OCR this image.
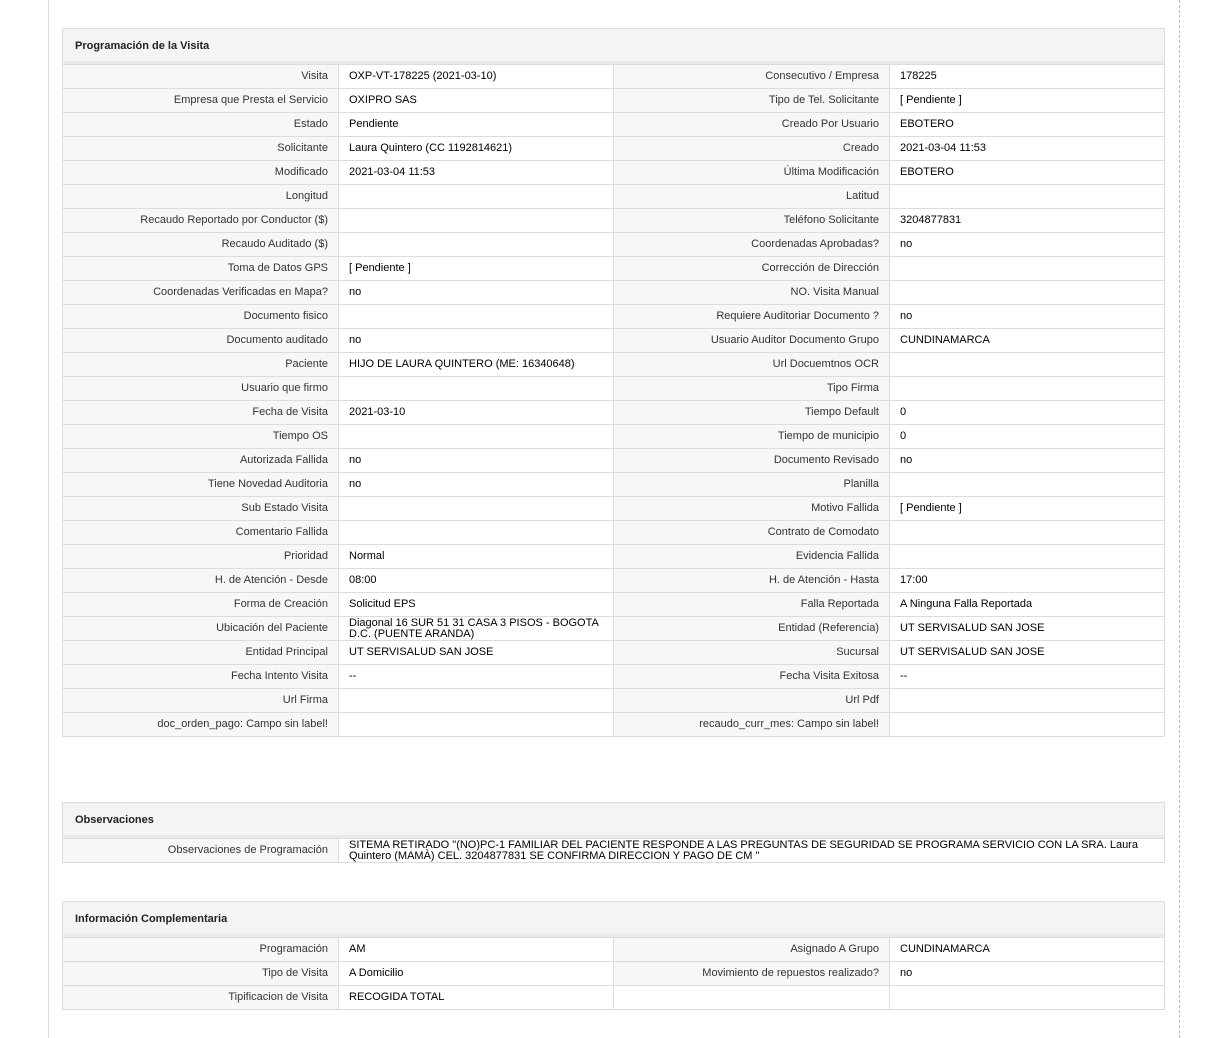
Programación de la Visita
Visita	OXP-VT-178225 (2021-03-10)	Consecutivo / Empresa	178225
Empresa que Presta el Servicio	OXIPRO SAS	Tipo de Tel. Solicitante	[ Pendiente ]
Estado	Pendiente	Creado Por Usuario	EBOTERO
Solicitante	Laura Quintero (CC 1192814621)	Creado	2021-03-04 11:53
Modificado	2021-03-04 11:53	Última Modificación	EBOTERO
Longitud		Latitud	
Recaudo Reportado por Conductor ($)		Teléfono Solicitante	3204877831
Recaudo Auditado ($)		Coordenadas Aprobadas?	no
Toma de Datos GPS	[ Pendiente ]	Corrección de Dirección	
Coordenadas Verificadas en Mapa?	no	NO. Visita Manual	
Documento fisico		Requiere Auditoriar Documento ?	no
Documento auditado	no	Usuario Auditor Documento Grupo	CUNDINAMARCA
Paciente	HIJO DE LAURA QUINTERO (ME: 16340648)	Url Docuemtnos OCR	
Usuario que firmo		Tipo Firma	
Fecha de Visita	2021-03-10	Tiempo Default	0
Tiempo OS		Tiempo de municipio	0
Autorizada Fallida	no	Documento Revisado	no
Tiene Novedad Auditoria	no	Planilla	
Sub Estado Visita		Motivo Fallida	[ Pendiente ]
Comentario Fallida		Contrato de Comodato	
Prioridad	Normal	Evidencia Fallida	
H. de Atención - Desde	08:00	H. de Atención - Hasta	17:00
Forma de Creación	Solicitud EPS	Falla Reportada	A Ninguna Falla Reportada
Ubicación del Paciente	Diagonal 16 SUR 51 31 CASA 3 PISOS - BOGOTA D.C. (PUENTE ARANDA)	Entidad (Referencia)	UT SERVISALUD SAN JOSE
Entidad Principal	UT SERVISALUD SAN JOSE	Sucursal	UT SERVISALUD SAN JOSE
Fecha Intento Visita	--	Fecha Visita Exitosa	--
Url Firma		Url Pdf	
doc_orden_pago: Campo sin label!		recaudo_curr_mes: Campo sin label!	
Observaciones
Observaciones de Programación	SITEMA RETIRADO "(NO)PC-1 FAMILIAR DEL PACIENTE RESPONDE A LAS PREGUNTAS DE SEGURIDAD SE PROGRAMA SERVICIO CON LA SRA. Laura Quintero (MAMÀ) CEL. 3204877831 SE CONFIRMA DIRECCION Y PAGO DE CM "
Información Complementaria
Programación	AM	Asignado A Grupo	CUNDINAMARCA
Tipo de Visita	A Domicilio	Movimiento de repuestos realizado?	no
Tipificacion de Visita	RECOGIDA TOTAL		
